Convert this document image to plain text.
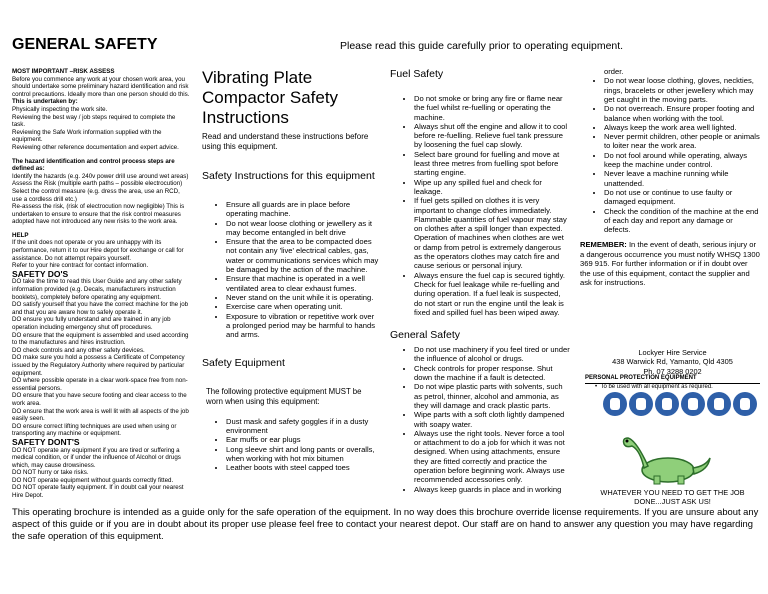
GENERAL SAFETY	Please read this guide carefully prior to operating equipment.

MOST IMPORTANT –RISK ASSESS

Before you commence any work at your chosen work area, you should undertake some preliminary hazard identification and risk control precautions. Ideally more than one person should do this.

This is undertaken by:

Physically inspecting the work site.

Reviewing the best way / job steps required to complete the task.

Reviewing the Safe Work information supplied with the equipment.

Reviewing other reference documentation and expert advice.

The hazard identification and control process steps are defined as:

Identify the hazards (e.g. 240v power drill use around wet areas)

Assess the Risk (multiple earth paths – possible electrocution)

Select the control measure (e.g. dress the area, use an RCD, use a cordless drill etc.)

Re-assess the risk, (risk of electrocution now negligible) This is undertaken to ensure to ensure that the risk control measures adopted have not introduced any new risks to the work area.

HELP

If the unit does not operate or you are unhappy with its performance, return it to our Hire depot for exchange or call for assistance. Do not attempt repairs yourself.

Refer to your hire contract for contact information.

SAFETY DO'S

DO take the time to read this User Guide and any other safety information provided (e.g. Decals, manufacturers instruction booklets), completely before operating any equipment.

DO satisfy yourself that you have the correct machine for the job and that you are aware how to safely operate it.

DO ensure you fully understand and are trained in any job operation including emergency shut off procedures.

DO ensure that the equipment is assembled and used according to the manufactures and hires instruction.

DO check controls and any other safety devices.

DO make sure you hold a possess a Certificate of Competency issued by the Regulatory Authority where required by particular equipment.

DO where possible operate in a clear work-space free from non-essential persons.

DO ensure that you have secure footing and clear access to the work area.

DO ensure that the work area is well lit with all aspects of the job easily seen.

DO ensure correct lifting techniques are used when using or transporting any machine or equipment.

SAFETY DONT'S

DO NOT operate any equipment if you are tired or suffering a medical condition, or if under the influence of Alcohol or drugs which, may cause drowsiness.

DO NOT hurry or take risks.

DO NOT operate equipment without guards correctly fitted.

DO NOT operate faulty equipment. If in doubt call your nearest Hire Depot.

Vibrating Plate Compactor Safety Instructions
Read and understand these instructions before using this equipment.
Safety Instructions for this equipment
• Ensure all guards are in place before operating machine.
• Do not wear loose clothing or jewellery as it may become entangled in belt drive
• Ensure that the area to be compacted does not contain any 'live' electrical cables, gas, water or communications services which may be damaged by the action of the machine.
• Ensure that machine is operated in a well ventilated area to clear exhaust fumes.
• Never stand on the unit while it is operating.
• Exercise care when operating unit.
• Exposure to vibration or repetitive work over a prolonged period may be harmful to hands and arms.
Safety Equipment
The following protective equipment MUST be worn when using this equipment:
• Dust mask and safety goggles if in a dusty environment
• Ear muffs or ear plugs
• Long sleeve shirt and long pants or overalls, when working with hot mix bitumen
• Leather boots with steel capped toes
Fuel Safety
• Do not smoke or bring any fire or flame near the fuel whilst re-fuelling or operating the machine.
• Always shut off the engine and allow it to cool before re-fuelling. Relieve fuel tank pressure by loosening the fuel cap slowly.
• Select bare ground for fuelling and move at least three metres from fuelling spot before starting engine.
• Wipe up any spilled fuel and check for leakage.
• If fuel gets spilled on clothes it is very important to change clothes immediately. Flammable quantities of fuel vapour may stay on clothes after a spill longer than expected. Operation of machines when clothes are wet or damp from petrol is extremely dangerous as the operators clothes may catch fire and cause serious or personal injury.
• Always ensure the fuel cap is secured tightly. Check for fuel leakage while re-fuelling and during operation. If a fuel leak is suspected, do not start or run the engine until the leak is fixed and spilled fuel has been wiped away.
General Safety
• Do not use machinery if you feel tired or under the influence of alcohol or drugs.
• Check controls for proper response. Shut down the machine if a fault is detected.
• Do not wipe plastic parts with solvents, such as petrol, thinner, alcohol and ammonia, as they will damage and crack plastic parts.
• Wipe parts with a soft cloth lightly dampened with soapy water.
• Always use the right tools. Never force a tool or attachment to do a job for which it was not designed. When using attachments, ensure they are fitted correctly and practice the operation before beginning work. Always use recommended accessories only.
• Always keep guards in place and in working
order.
• Do not wear loose clothing, gloves, neckties, rings, bracelets or other jewellery which may get caught in the moving parts.
• Do not overreach. Ensure proper footing and balance when working with the tool.
• Always keep the work area well lighted.
• Never permit children, other people or animals to loiter near the work area.
• Do not fool around while operating, always keep the machine under control.
• Never leave a machine running while unattended.
• Do not use or continue to use faulty or damaged equipment.
• Check the condition of the machine at the end of each day and report any damage or defects.
REMEMBER: In the event of death, serious injury or a dangerous occurrence you must notify WHSQ 1300 369 915. For further information or if in doubt over the use of this equipment, contact the supplier and ask for instructions.
Lockyer Hire Service
438 Warwick Rd, Yamanto, Qld 4305
Ph. 07 3288 0202
PERSONAL PROTECTION EQUIPMENT
•  To be used with all equipment as required.
WHATEVER YOU NEED TO GET THE JOB
DONE...JUST ASK US!
This operating brochure is intended as a guide only for the safe operation of the equipment. In no way does this brochure override license requirements. If you are unsure about any aspect of this guide or if you are in doubt about its proper use please feel free to contact your nearest depot. Our staff are on hand to answer any question you may have regarding the safe operation of this equipment.
